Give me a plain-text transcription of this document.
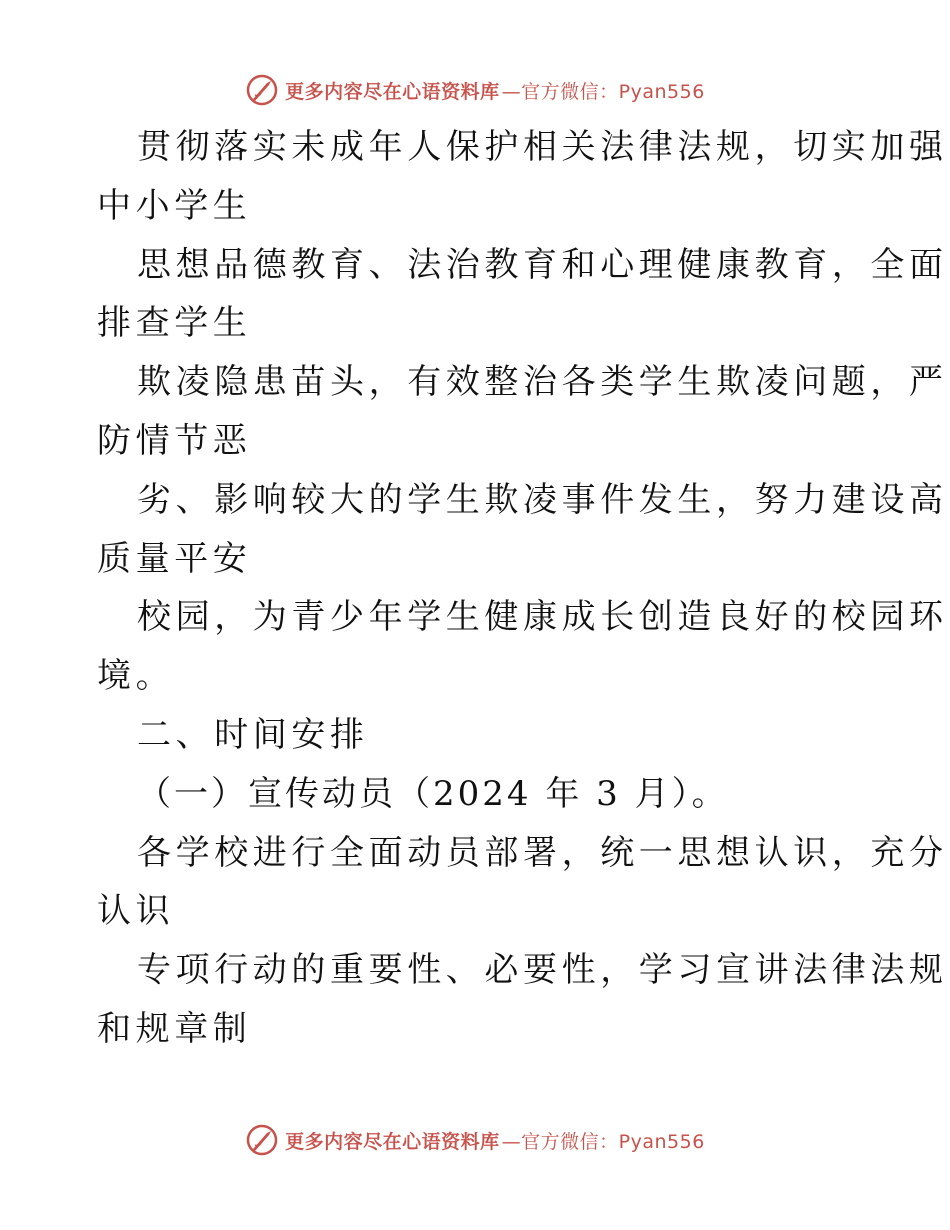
更多内容尽在心语资料库 —官方微信：Pyan556
贯彻落实未成年人保护相关法律法规，切实加强
中小学生
思想品德教育、法治教育和心理健康教育，全面
排查学生
欺凌隐患苗头，有效整治各类学生欺凌问题，严
防情节恶
劣、影响较大的学生欺凌事件发生，努力建设高
质量平安
校园，为青少年学生健康成长创造良好的校园环
境。
二、时间安排
（一）宣传动员（2024 年 3 月）。
各学校进行全面动员部署，统一思想认识，充分
认识
专项行动的重要性、必要性，学习宣讲法律法规
和规章制
更多内容尽在心语资料库 —官方微信：Pyan556
